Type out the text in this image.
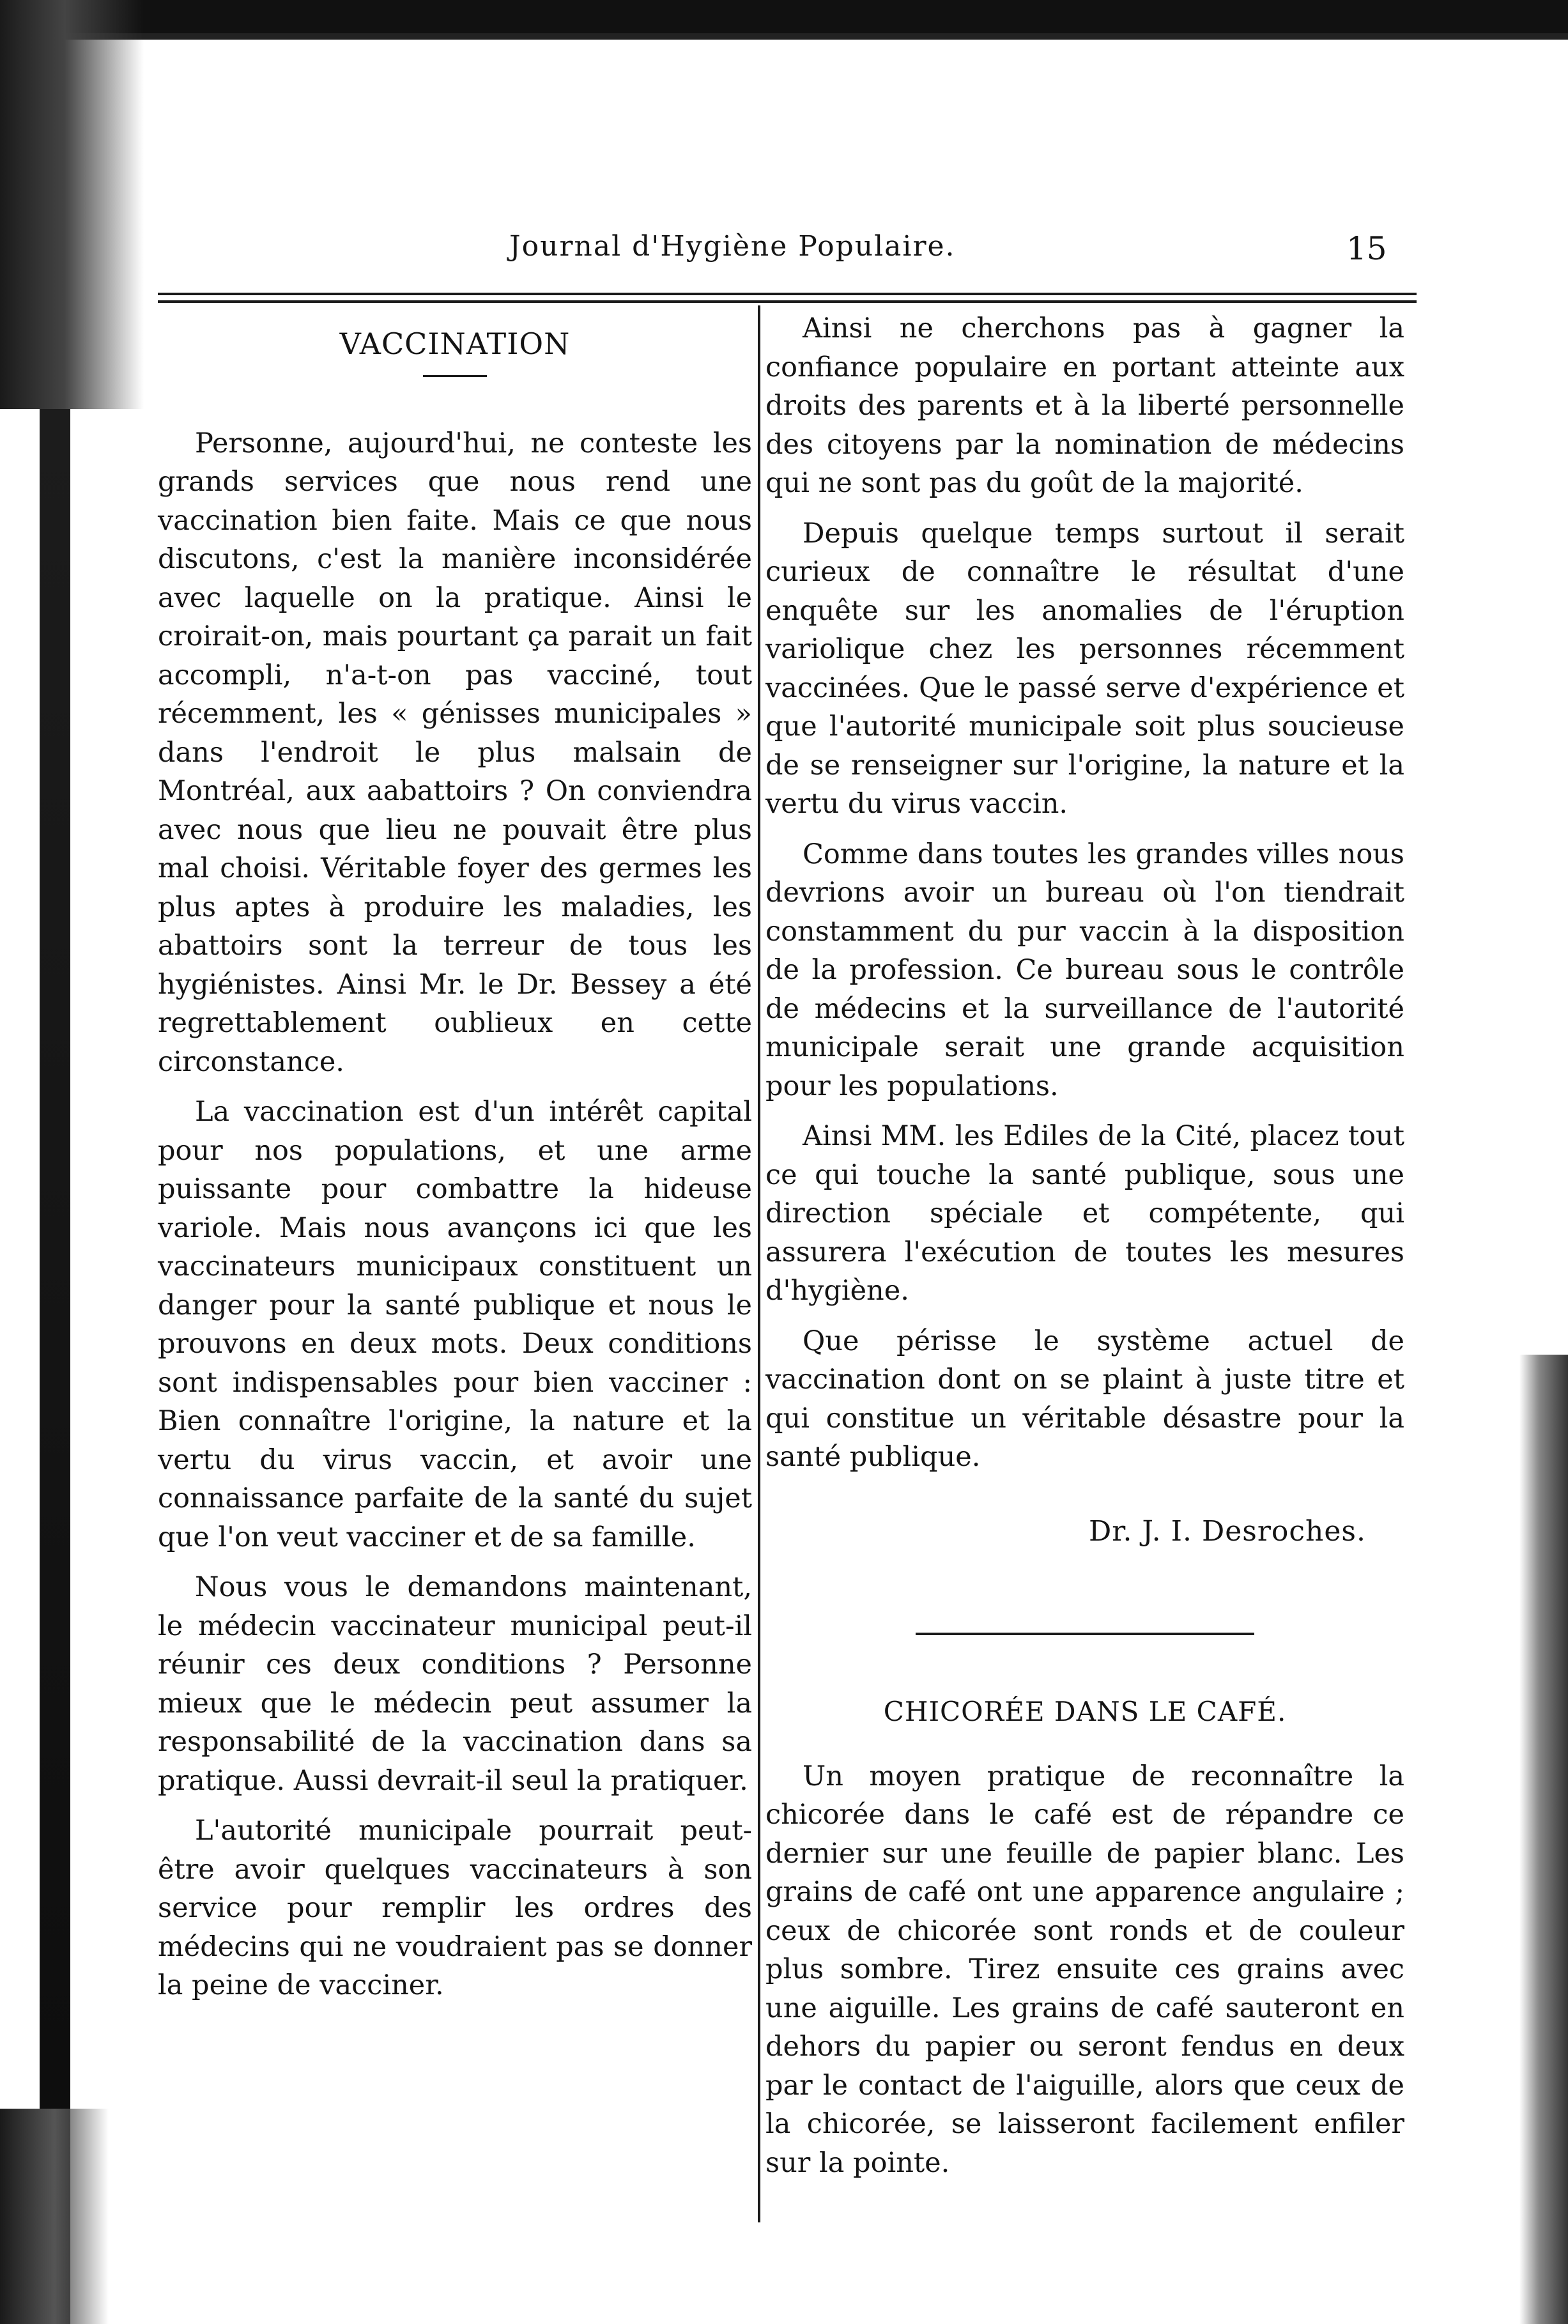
Journal d'Hygiène Populaire.	15
VACCINATION

Personne, aujourd'hui, ne conteste les grands services que nous rend une vaccination bien faite. Mais ce que nous discutons, c'est la manière inconsidérée avec laquelle on la pratique. Ainsi le croirait-on, mais pourtant ça parait un fait accompli, n'a-t-on pas vacciné, tout récemment, les « génisses municipales » dans l'endroit le plus malsain de Montréal, aux aabattoirs ? On conviendra avec nous que lieu ne pouvait être plus mal choisi. Véritable foyer des germes les plus aptes à produire les maladies, les abattoirs sont la terreur de tous les hygiénistes. Ainsi Mr. le Dr. Bessey a été regrettablement oublieux en cette circonstance.

La vaccination est d'un intérêt capital pour nos populations, et une arme puissante pour combattre la hideuse variole. Mais nous avançons ici que les vaccinateurs municipaux constituent un danger pour la santé publique et nous le prouvons en deux mots. Deux conditions sont indispensables pour bien vacciner : Bien connaître l'origine, la nature et la vertu du virus vaccin, et avoir une connaissance parfaite de la santé du sujet que l'on veut vacciner et de sa famille.

Nous vous le demandons maintenant, le médecin vaccinateur municipal peut-il réunir ces deux conditions ? Personne mieux que le médecin peut assumer la responsabilité de la vaccination dans sa pratique. Aussi devrait-il seul la pratiquer.

L'autorité municipale pourrait peut-être avoir quelques vaccinateurs à son service pour remplir les ordres des médecins qui ne voudraient pas se donner la peine de vacciner.

Ainsi ne cherchons pas à gagner la confiance populaire en portant atteinte aux droits des parents et à la liberté personnelle des citoyens par la nomination de médecins qui ne sont pas du goût de la majorité.

Depuis quelque temps surtout il serait curieux de connaître le résultat d'une enquête sur les anomalies de l'éruption variolique chez les personnes récemment vaccinées. Que le passé serve d'expérience et que l'autorité municipale soit plus soucieuse de se renseigner sur l'origine, la nature et la vertu du virus vaccin.

Comme dans toutes les grandes villes nous devrions avoir un bureau où l'on tiendrait constamment du pur vaccin à la disposition de la profession. Ce bureau sous le contrôle de médecins et la surveillance de l'autorité municipale serait une grande acquisition pour les populations.

Ainsi MM. les Ediles de la Cité, placez tout ce qui touche la santé publique, sous une direction spéciale et compétente, qui assurera l'exécution de toutes les mesures d'hygiène.

Que périsse le système actuel de vaccination dont on se plaint à juste titre et qui constitue un véritable désastre pour la santé publique.

Dr. J. I. Desroches.
CHICORÉE DANS LE CAFÉ.

Un moyen pratique de reconnaître la chicorée dans le café est de répandre ce dernier sur une feuille de papier blanc. Les grains de café ont une apparence angulaire ; ceux de chicorée sont ronds et de couleur plus sombre. Tirez ensuite ces grains avec une aiguille. Les grains de café sauteront en dehors du papier ou seront fendus en deux par le contact de l'aiguille, alors que ceux de la chicorée, se laisseront facilement enfiler sur la pointe.
